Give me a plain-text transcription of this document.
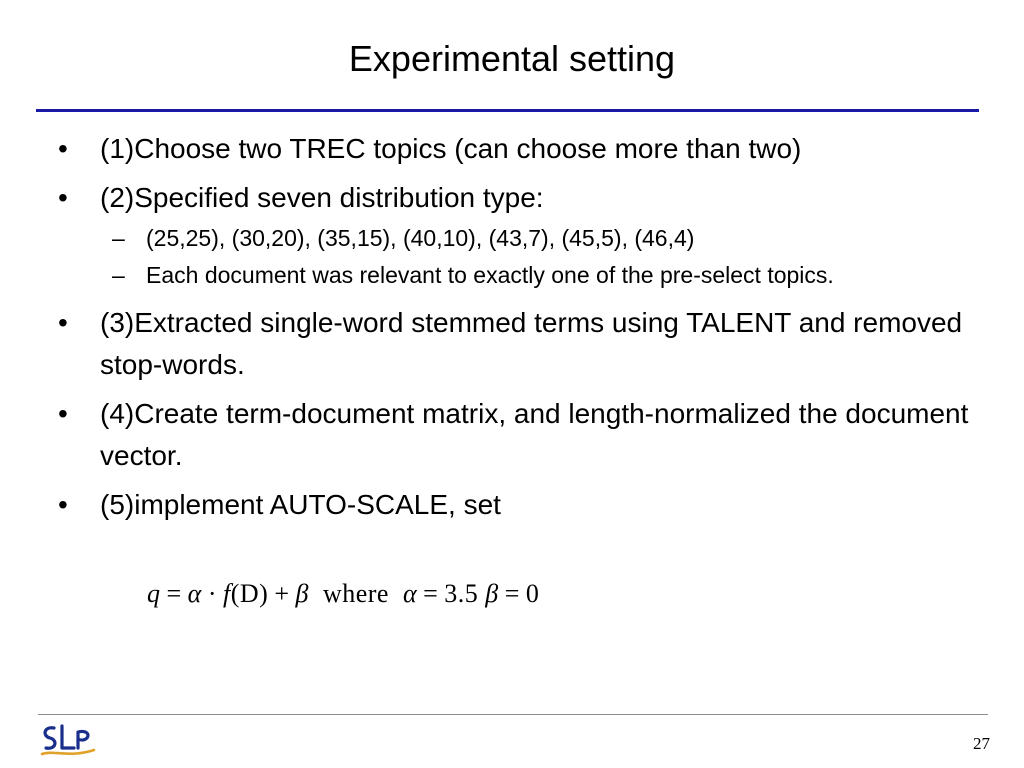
Experimental setting
•	(1)Choose two TREC topics (can choose more than two)
•	(2)Specified seven distribution type:
– (25,25), (30,20), (35,15), (40,10), (43,7), (45,5), (46,4)
– Each document was relevant to exactly one of the pre-select topics.
•	(3)Extracted single-word stemmed terms using TALENT and removed stop-words.
•	(4)Create term-document matrix, and length-normalized the document vector.
•	(5)implement AUTO-SCALE, set
q = α · f(D) + β where α = 3.5 β = 0
27
